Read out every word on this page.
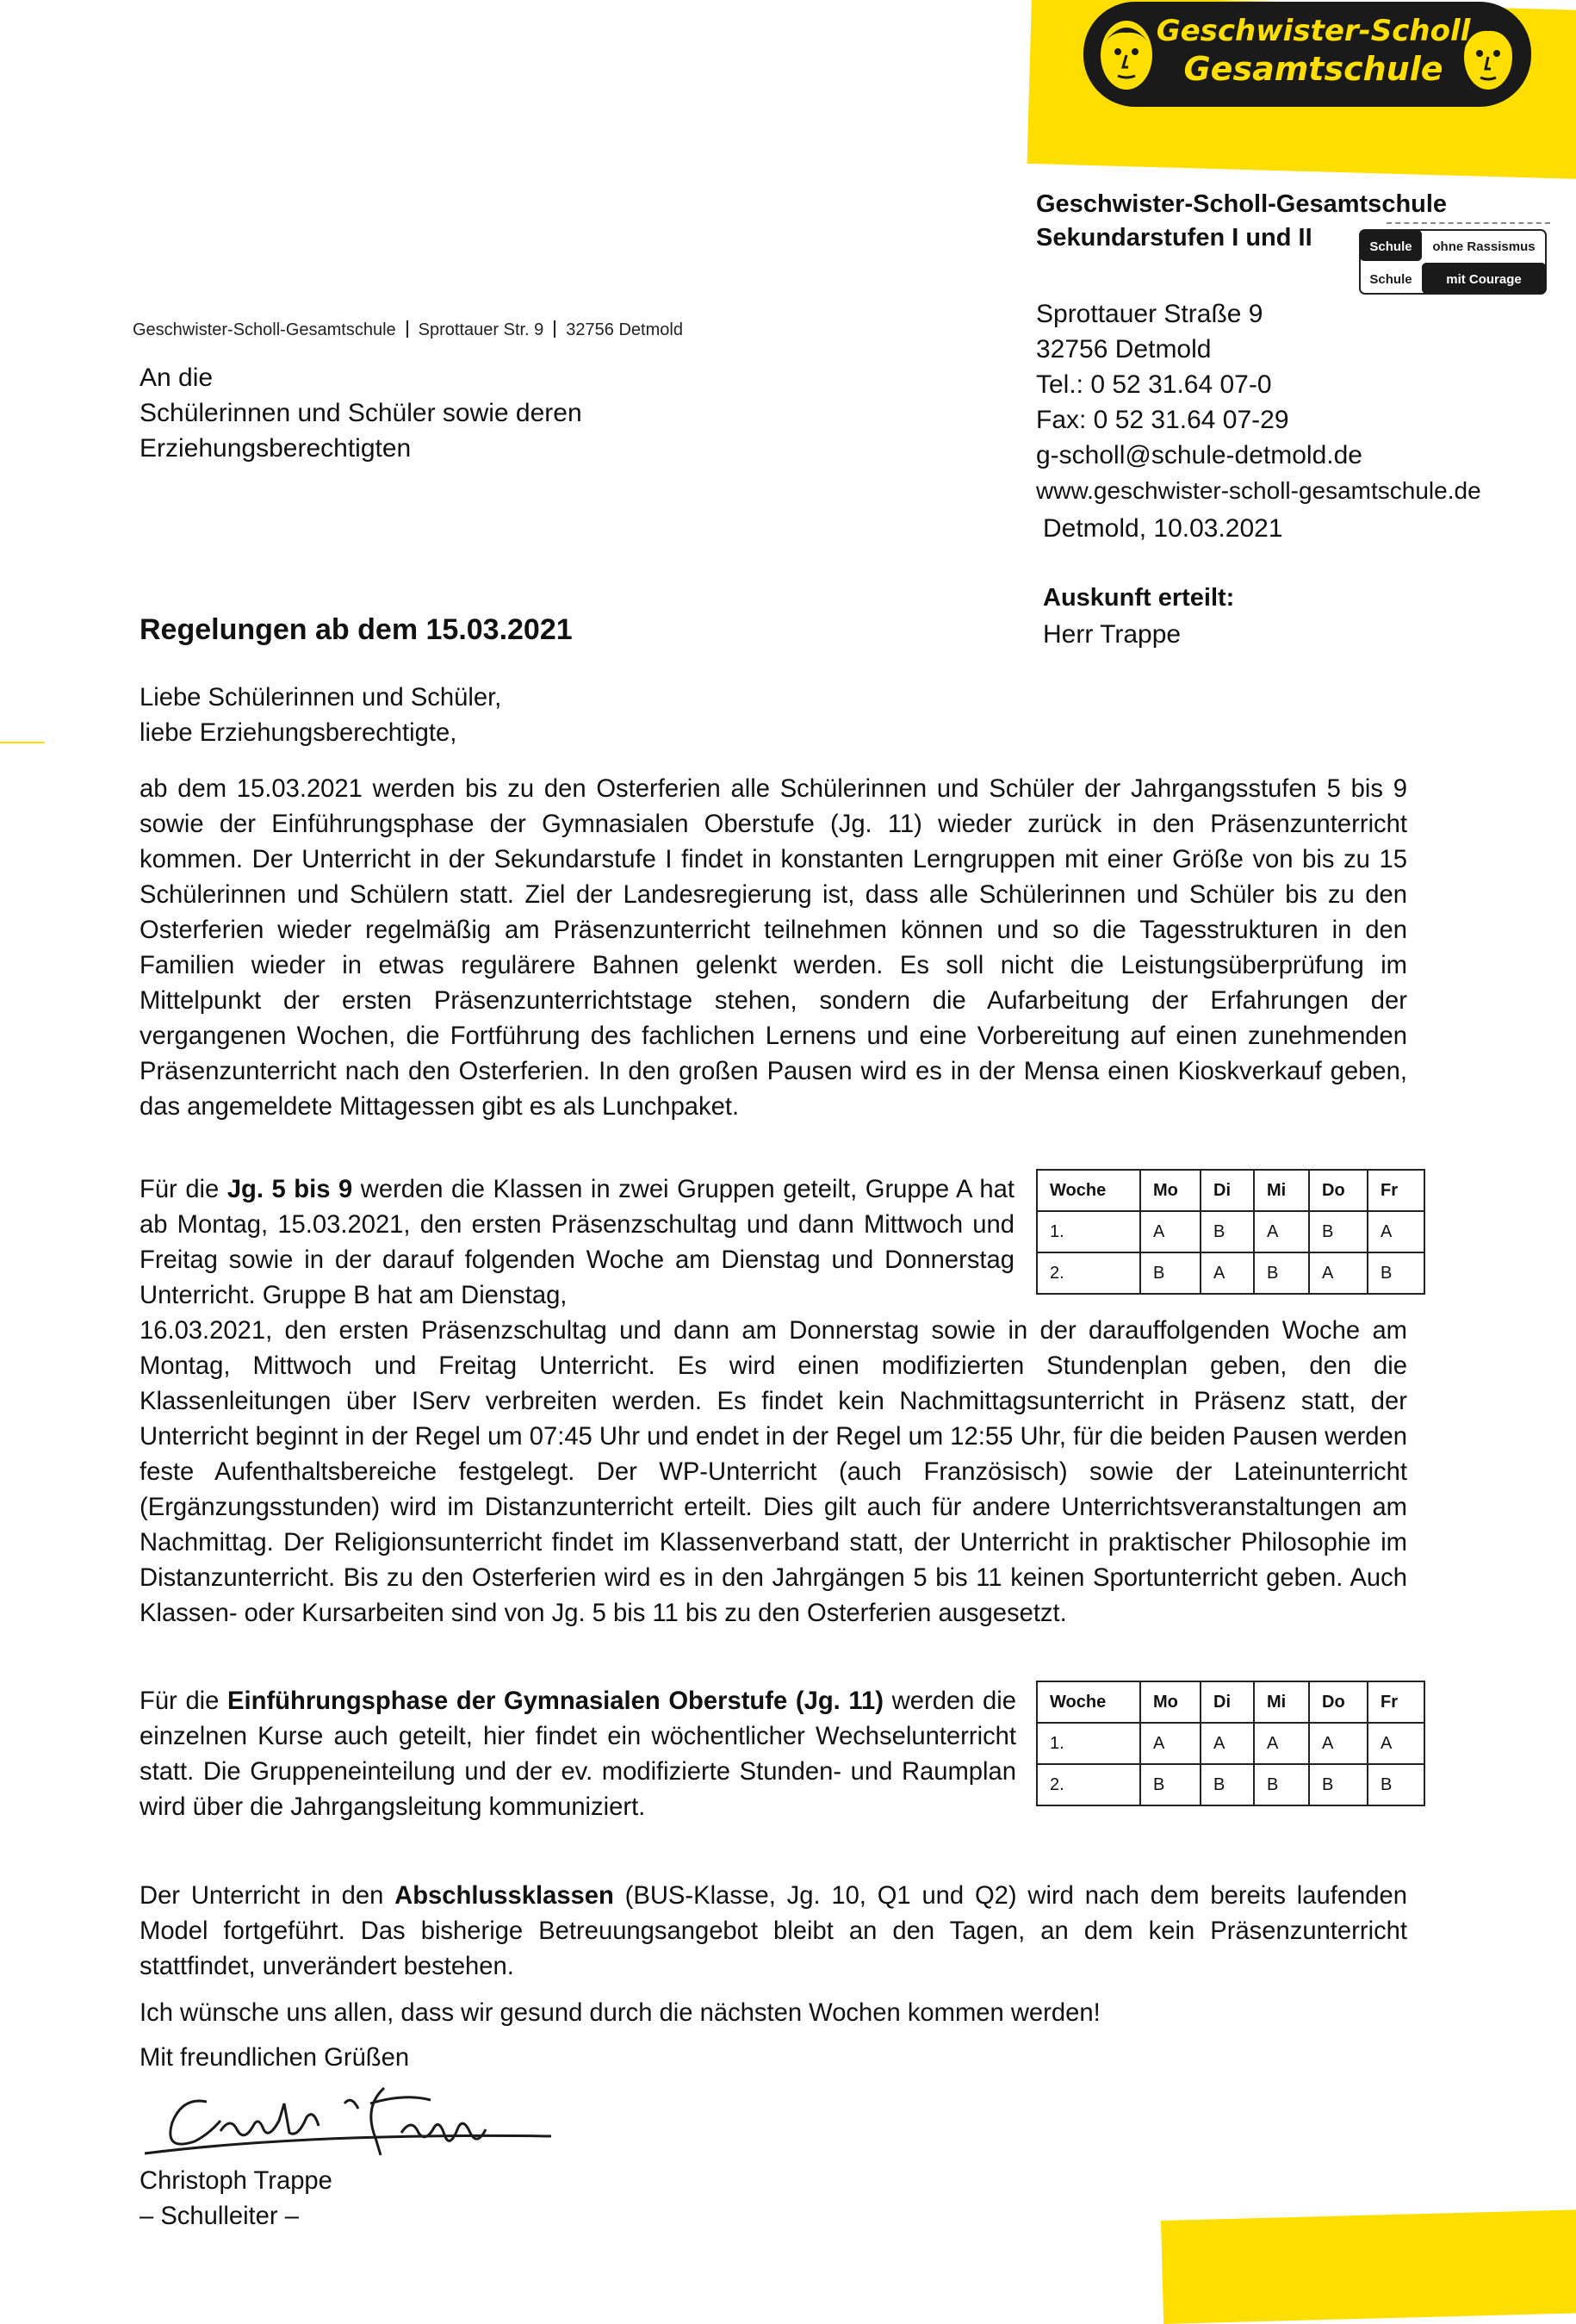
Geschwister-Scholl
Gesamtschule
Geschwister-Scholl-Gesamtschule
Sekundarstufen I und II	Schule ohne Rassismus
Schule	mit Courage
Sprottauer Straße 9
32756 Detmold
Tel.: 0 52 31.64 07-0
Fax: 0 52 31.64 07-29
g-scholl@schule-detmold.de
www.geschwister-scholl-gesamtschule.de
Detmold, 10.03.2021
Auskunft erteilt:
Herr Trappe
Geschwister-Scholl-Gesamtschule Sprottauer Str. 9 32756 Detmold
An die
Schülerinnen und Schüler sowie deren
Erziehungsberechtigten
Regelungen ab dem 15.03.2021
Liebe Schülerinnen und Schüler,
liebe Erziehungsberechtigte,
ab dem 15.03.2021 werden bis zu den Osterferien alle Schülerinnen und Schüler der Jahrgangsstufen 5 bis 9 sowie der Einführungsphase der Gymnasialen Oberstufe (Jg. 11) wieder zurück in den Präsenzunterricht kommen. Der Unterricht in der Sekundarstufe I findet in konstanten Lerngruppen mit einer Größe von bis zu 15 Schülerinnen und Schülern statt. Ziel der Landesregierung ist, dass alle Schülerinnen und Schüler bis zu den Osterferien wieder regelmäßig am Präsenzunterricht teilnehmen können und so die Tagesstrukturen in den Familien wieder in etwas regulärere Bahnen gelenkt werden. Es soll nicht die Leistungsüberprüfung im Mittelpunkt der ersten Präsenzunterrichtstage stehen, sondern die Aufarbeitung der Erfahrungen der vergangenen Wochen, die Fortführung des fachlichen Lernens und eine Vorbereitung auf einen zunehmenden Präsenzunterricht nach den Osterferien. In den großen Pausen wird es in der Mensa einen Kioskverkauf geben, das angemeldete Mittagessen gibt es als Lunchpaket.
Für die Jg. 5 bis 9 werden die Klassen in zwei Gruppen geteilt, Gruppe A hat ab Montag, 15.03.2021, den ersten Präsenzschultag und dann Mittwoch und Freitag sowie in der darauf folgenden Woche am Dienstag und Donnerstag Unterricht. Gruppe B hat am Dienstag,
16.03.2021, den ersten Präsenzschultag und dann am Donnerstag sowie in der darauffolgenden Woche am Montag, Mittwoch und Freitag Unterricht. Es wird einen modifizierten Stundenplan geben, den die Klassenleitungen über IServ verbreiten werden. Es findet kein Nachmittagsunterricht in Präsenz statt, der Unterricht beginnt in der Regel um 07:45 Uhr und endet in der Regel um 12:55 Uhr, für die beiden Pausen werden feste Aufenthaltsbereiche festgelegt. Der WP-Unterricht (auch Französisch) sowie der Lateinunterricht (Ergänzungsstunden) wird im Distanzunterricht erteilt. Dies gilt auch für andere Unterrichtsveranstaltungen am Nachmittag. Der Religionsunterricht findet im Klassenverband statt, der Unterricht in praktischer Philosophie im Distanzunterricht. Bis zu den Osterferien wird es in den Jahrgängen 5 bis 11 keinen Sportunterricht geben. Auch Klassen- oder Kursarbeiten sind von Jg. 5 bis 11 bis zu den Osterferien ausgesetzt.
Für die Einführungsphase der Gymnasialen Oberstufe (Jg. 11) werden die einzelnen Kurse auch geteilt, hier findet ein wöchentlicher Wechselunterricht statt. Die Gruppeneinteilung und der ev. modifizierte Stunden- und Raumplan wird über die Jahrgangsleitung kommuniziert.
Der Unterricht in den Abschlussklassen (BUS-Klasse, Jg. 10, Q1 und Q2) wird nach dem bereits laufenden Model fortgeführt. Das bisherige Betreuungsangebot bleibt an den Tagen, an dem kein Präsenzunterricht stattfindet, unverändert bestehen.
Ich wünsche uns allen, dass wir gesund durch die nächsten Wochen kommen werden!
Mit freundlichen Grüßen
Christoph Trappe
– Schulleiter –
Woche	Mo	Di	Mi	Do	Fr
1.	A	B	A	B	A
2.	B	A	B	A	B
Woche	Mo	Di	Mi	Do	Fr
1.	A	A	A	A	A
2.	B	B	B	B	B
